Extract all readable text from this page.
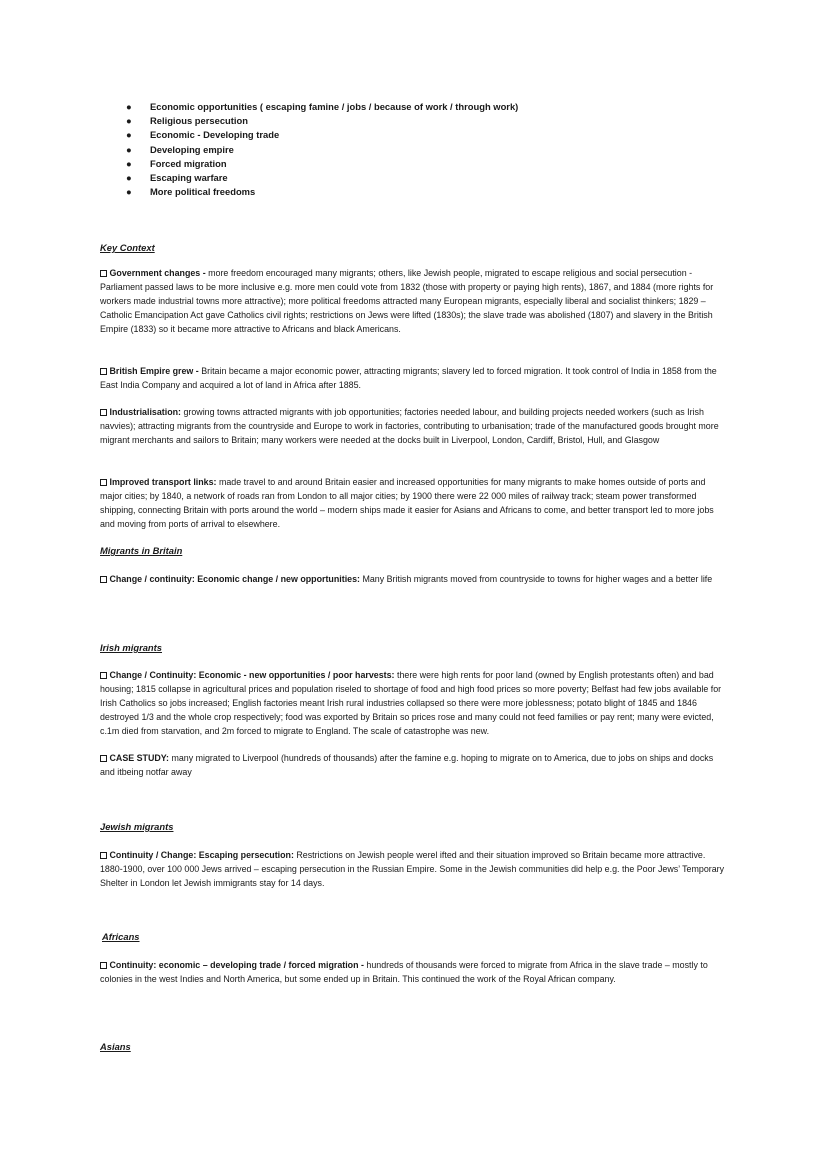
● Economic opportunities ( escaping famine / jobs / because of work / through work)
● Religious persecution
● Economic - Developing trade
● Developing empire
● Forced migration
● Escaping warfare
● More political freedoms
Key Context

Government changes - more freedom encouraged many migrants; others, like Jewish people, migrated to escape religious and social persecution - Parliament passed laws to be more inclusive e.g. more men could vote from 1832 (those with property or paying high rents), 1867, and 1884 (more rights for workers made industrial towns more attractive); more political freedoms attracted many European migrants, especially liberal and socialist thinkers; 1829 – Catholic Emancipation Act gave Catholics civil rights; restrictions on Jews were lifted (1830s); the slave trade was abolished (1807) and slavery in the British Empire (1833) so it became more attractive to Africans and black Americans.

British Empire grew - Britain became a major economic power, attracting migrants; slavery led to forced migration. It took control of India in 1858 from the East India Company and acquired a lot of land in Africa after 1885.

Industrialisation: growing towns attracted migrants with job opportunities; factories needed labour, and building projects needed workers (such as Irish navvies); attracting migrants from the countryside and Europe to work in factories, contributing to urbanisation; trade of the manufactured goods brought more migrant merchants and sailors to Britain; many workers were needed at the docks built in Liverpool, London, Cardiff, Bristol, Hull, and Glasgow

Improved transport links: made travel to and around Britain easier and increased opportunities for many migrants to make homes outside of ports and major cities; by 1840, a network of roads ran from London to all major cities; by 1900 there were 22 000 miles of railway track; steam power transformed shipping, connecting Britain with ports around the world – modern ships made it easier for Asians and Africans to come, and better transport led to more jobs and moving from ports of arrival to elsewhere.

Migrants in Britain

Change / continuity: Economic change / new opportunities: Many British migrants moved from countryside to towns for higher wages and a better life

Irish migrants

Change / Continuity: Economic - new opportunities / poor harvests: there were high rents for poor land (owned by English protestants often) and bad housing; 1815 collapse in agricultural prices and population riseled to shortage of food and high food prices so more poverty; Belfast had few jobs available for Irish Catholics so jobs increased; English factories meant Irish rural industries collapsed so there were more joblessness; potato blight of 1845 and 1846 destroyed 1/3 and the whole crop respectively; food was exported by Britain so prices rose and many could not feed families or pay rent; many were evicted, c.1m died from starvation, and 2m forced to migrate to England. The scale of catastrophe was new.

CASE STUDY: many migrated to Liverpool (hundreds of thousands) after the famine e.g. hoping to migrate on to America, due to jobs on ships and docks and itbeing notfar away

Jewish migrants

Continuity / Change: Escaping persecution: Restrictions on Jewish people werel ifted and their situation improved so Britain became more attractive. 1880-1900, over 100 000 Jews arrived – escaping persecution in the Russian Empire. Some in the Jewish communities did help e.g. the Poor Jews’ Temporary Shelter in London let Jewish immigrants stay for 14 days.

Africans

Continuity: economic – developing trade / forced migration - hundreds of thousands were forced to migrate from Africa in the slave trade – mostly to colonies in the west Indies and North America, but some ended up in Britain. This continued the work of the Royal African company.

Asians
